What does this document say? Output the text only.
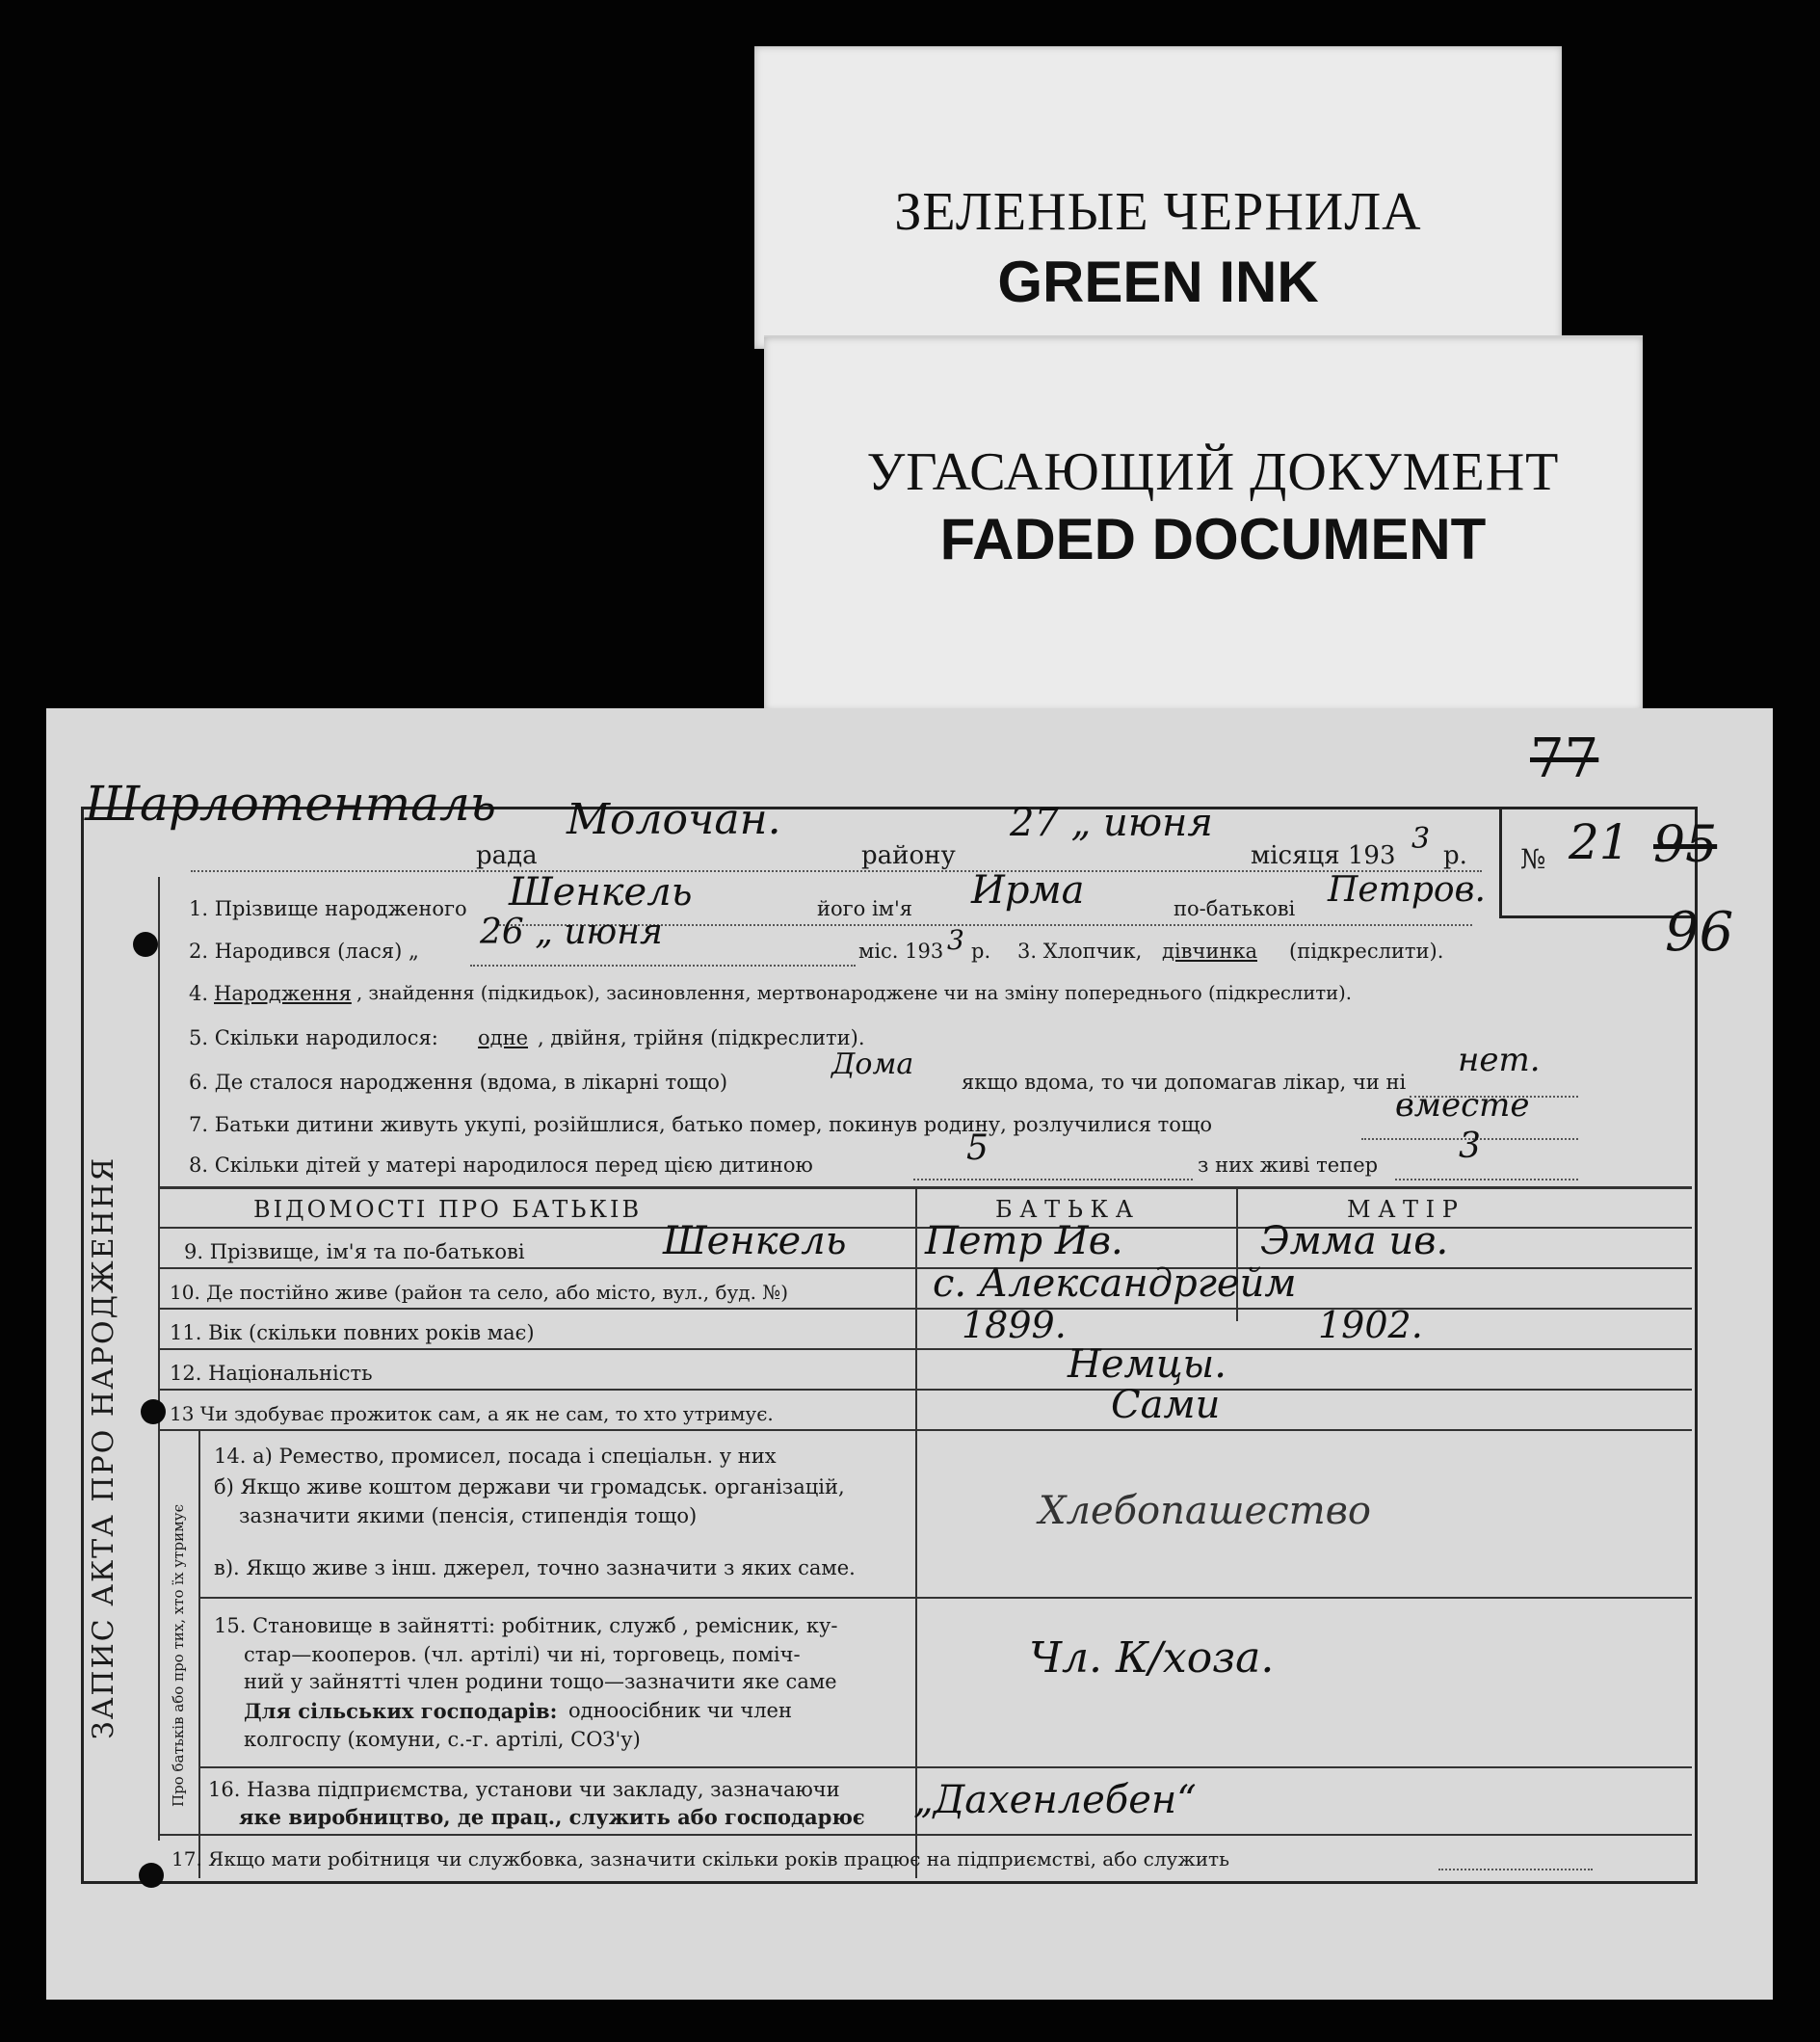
ЗЕЛЕНЫЕ ЧЕРНИЛА
GREEN INK
УГАСАЮЩИЙ ДОКУМЕНТ
FADED DOCUMENT
ЗАПИС АКТА ПРО НАРОДЖЕННЯ	Про батьків або про тих, хто їх утримує
Шарлотенталь
рада
Молочан.
району
27 „ июня
місяця 193 3 р. № 21
77
95
96
1. Прізвище народженого Шенкель	його ім'я Ирма	по-батькові Петров.
2. Народився (лася) „ 26 „ июня	міс. 193 3 р. 3. Хлопчик, дівчинка (підкреслити).
4. Народження , знайдення (підкидьок), засиновлення, мертвонароджене чи на зміну попереднього (підкреслити).
5. Скільки народилося: одне , двійня, трійня (підкреслити).
6. Де сталося народження (вдома, в лікарні тощо)
Дома
якщо вдома, то чи допомагав лікар, чи ні
нет.
7. Батьки дитини живуть укупі, розійшлися, батько помер, покинув родину, розлучилися тощо	вместе
8. Скільки дітей у матері народилося перед цією дитиною	5	з них живі тепер 3
ВІДОМОСТІ ПРО БАТЬКІВ	Б А Т Ь К А	М А Т І Р
9. Прізвище, ім'я та по-батькові	Шенкель Петр Ив.	Эмма ив.
10. Де постійно живе (район та село, або місто, вул., буд. №)	с. Александргейм
11. Вік (скільки повних років має)	1899.	1902.
12. Національність	Немцы.
13 Чи здобуває прожиток сам, а як не сам, то хто утримує.	Сами
14. а) Ремество, промисел, посада і спеціальн. у них
б) Якщо живе коштом держави чи громадськ. організацій,
зазначити якими (пенсія, стипендія тощо)
в). Якщо живе з інш. джерел, точно зазначити з яких саме.
Хлебопашество
15. Становище в зайнятті: робітник, служб , ремісник, ку-
стар—кооперов. (чл. артілі) чи ні, торговець, поміч-
ний у зайнятті член родини тощо—зазначити яке саме
Для сільських господарів: одноосібник чи член
колгоспу (комуни, с.-г. артілі, СОЗ'у)
Чл. К/хоза.
16. Назва підприємства, установи чи закладу, зазначаючи
яке виробництво, де прац., служить або господарює „Дахенлебен“
17. Якщо мати робітниця чи службовка, зазначити скільки років працює на підприємстві, або служить
